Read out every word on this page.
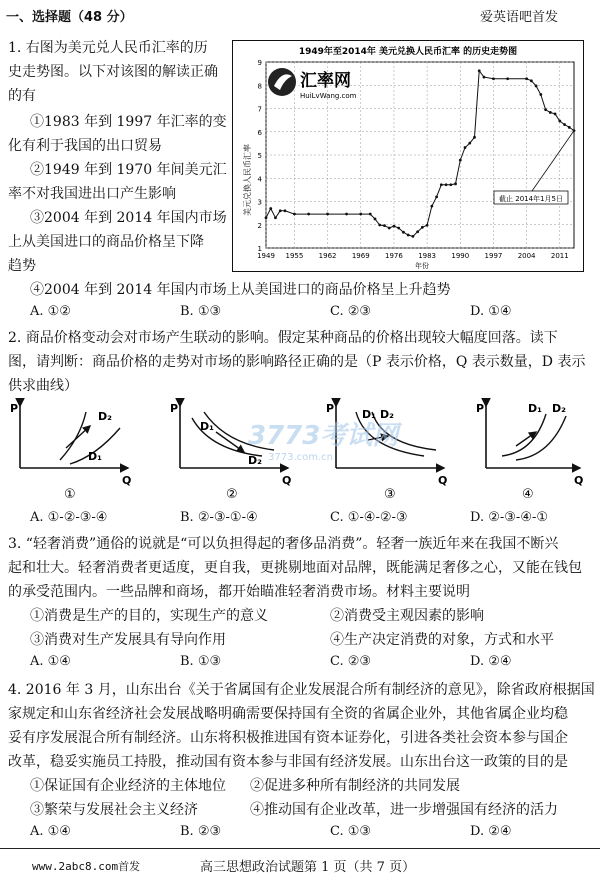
一、选择题（48 分）	爱英语吧首发
1. 右图为美元兑人民币汇率的历
史走势图。以下对该图的解读正确
的有
①1983 年到 1997 年汇率的变
化有利于我国的出口贸易
②1949 年到 1970 年间美元汇
率不对我国进出口产生影响
③2004 年到 2014 年国内市场
上从美国进口的商品价格呈下降
趋势
④2004 年到 2014 年国内市场上从美国进口的商品价格呈上升趋势
A. ①②	B. ①③	C. ②③	D. ①④
1949年至2014年 美元兑换人民币汇率 的历史走势图
美元兑换人民币汇率
年份
1
2
3
4
5
6
7
8
9
1949 1955 1962 1969 1976 1983 1990 1997 2004 2011
汇率网
HuiLvWang.com
截止 2014年1月5日
2. 商品价格变动会对市场产生联动的影响。假定某种商品的价格出现较大幅度回落。读下
图，请判断：商品价格的走势对市场的影响路径正确的是（P 表示价格，Q 表示数量，D 表示
供求曲线）
P
Q
D₂
D₁
①
P
Q
D₁
D₂
②
P
Q
D₁ D₂
③
P
Q
D₁ D₂
④
3773考试网
3773.com.cn
A. ①-②-③-④	B. ②-③-①-④	C. ①-④-②-③	D. ②-③-④-①
3. “轻奢消费”通俗的说就是“可以负担得起的奢侈品消费”。轻奢一族近年来在我国不断兴
起和壮大。轻奢消费者更适度，更自我，更挑剔地面对品牌，既能满足奢侈之心，又能在钱包
的承受范围内。一些品牌和商场，都开始瞄准轻奢消费市场。材料主要说明
①消费是生产的目的，实现生产的意义	②消费受主观因素的影响
③消费对生产发展具有导向作用	④生产决定消费的对象，方式和水平
A. ①④	B. ①③	C. ②③	D. ②④
4. 2016 年 3 月，山东出台《关于省属国有企业发展混合所有制经济的意见》，除省政府根据国
家规定和山东省经济社会发展战略明确需要保持国有全资的省属企业外，其他省属企业均稳
妥有序发展混合所有制经济。山东将积极推进国有资本证券化，引进各类社会资本参与国企
改革，稳妥实施员工持股，推动国有资本参与非国有经济发展。山东出台这一政策的目的是
①保证国有企业经济的主体地位 ②促进多种所有制经济的共同发展
③繁荣与发展社会主义经济	④推动国有企业改革，进一步增强国有经济的活力
A. ①④	B. ②③	C. ①③	D. ②④
www.2abc8.com首发	高三思想政治试题第 1 页（共 7 页）
